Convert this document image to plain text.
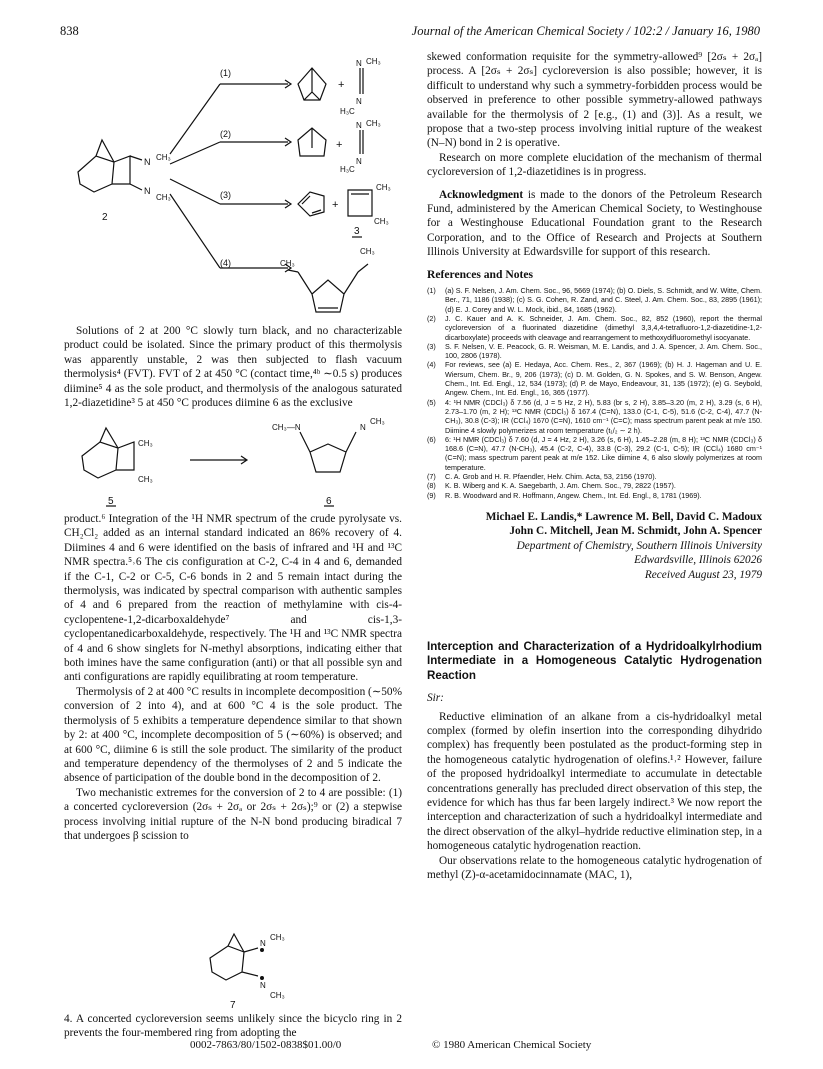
838	Journal of the American Chemical Society / 102:2 / January 16, 1980
N
N
CH₃
CH₃
2
(1)
(2)
(3)
(4)
+
N
N
CH₃
H₃C
+
N
N
CH₃
H₃C
+
CH₃
CH₃
3
CH₃
CH₃

Solutions of 2 at 200 °C slowly turn black, and no characterizable product could be isolated. Since the primary product of this thermolysis was apparently unstable, 2 was then subjected to flash vacuum thermolysis⁴ (FVT). FVT of 2 at 450 °C (contact time,⁴ᵇ ∼0.5 s) produces diimine⁵ 4 as the sole product, and thermolysis of the analogous saturated 1,2-diazetidine³ 5 at 450 °C produces diimine 6 as the exclusive

CH₃
CH₃
5
CH₃—N	N
CH₃
6

product.⁶ Integration of the ¹H NMR spectrum of the crude pyrolysate vs. CH₂Cl₂ added as an internal standard indicated an 86% recovery of 4. Diimines 4 and 6 were identified on the basis of infrared and ¹H and ¹³C NMR spectra.⁵˒6 The cis configuration at C-2, C-4 in 4 and 6, demanded if the C-1, C-2 or C-5, C-6 bonds in 2 and 5 remain intact during the thermolysis, was indicated by spectral comparison with authentic samples of 4 and 6 prepared from the reaction of methylamine with cis-4-cyclopentene-1,2-dicarboxaldehyde⁷ and cis-1,3-cyclopentanedicarboxaldehyde, respectively. The ¹H and ¹³C NMR spectra of 4 and 6 show singlets for N-methyl absorptions, indicating either that both imines have the same configuration (anti) or that all possible syn and anti configurations are rapidly equilibrating at room temperature.

Thermolysis of 2 at 400 °C results in incomplete decomposition (∼50% conversion of 2 into 4), and at 600 °C 4 is the sole product. The thermolysis of 5 exhibits a temperature dependence similar to that shown by 2: at 400 °C, incomplete decomposition of 5 (∼60%) is observed; and at 600 °C, diimine 6 is still the sole product. The similarity of the product and temperature dependency of the thermolyses of 2 and 5 indicate the absence of participation of the double bond in the decomposition of 2.

Two mechanistic extremes for the conversion of 2 to 4 are possible: (1) a concerted cycloreversion (2σₛ + 2σₐ or 2σₛ + 2σₛ);⁹ or (2) a stepwise process involving initial rupture of the N-N bond producing biradical 7 that undergoes β scission to

N
N
CH₃
CH₃
7

4. A concerted cycloreversion seems unlikely since the bicyclo ring in 2 prevents the four-membered ring from adopting the

skewed conformation requisite for the symmetry-allowed⁹ [2σₛ + 2σₐ] process. A [2σₛ + 2σₛ] cycloreversion is also possible; however, it is difficult to understand why such a symmetry-forbidden process would be observed in preference to other possible symmetry-allowed pathways available for the thermolysis of 2 [e.g., (1) and (3)]. As a result, we propose that a two-step process involving initial rupture of the weakest (N–N) bond in 2 is operative.

Research on more complete elucidation of the mechanism of thermal cycloreversion of 1,2-diazetidines is in progress.

Acknowledgment is made to the donors of the Petroleum Research Fund, administered by the American Chemical Society, to Westinghouse for a Westinghouse Educational Foundation grant to the Research Corporation, and to the Office of Research and Projects at Southern Illinois University at Edwardsville for support of this research.

References and Notes
(1)	(a) S. F. Nelsen, J. Am. Chem. Soc., 96, 5669 (1974); (b) O. Diels, S. Schmidt, and W. Witte, Chem. Ber., 71, 1186 (1938); (c) S. G. Cohen, R. Zand, and C. Steel, J. Am. Chem. Soc., 83, 2895 (1961); (d) E. J. Corey and W. L. Mock, ibid., 84, 1685 (1962).
(2)	J. C. Kauer and A. K. Schneider, J. Am. Chem. Soc., 82, 852 (1960), report the thermal cycloreversion of a fluorinated diazetidine (dimethyl 3,3,4,4-tetrafluoro-1,2-diazetidine-1,2-dicarboxylate) proceeds with cleavage and rearrangement to methoxydifluoromethyl isocyanate.
(3)	S. F. Nelsen, V. E. Peacock, G. R. Weisman, M. E. Landis, and J. A. Spencer, J. Am. Chem. Soc., 100, 2806 (1978).
(4)	For reviews, see (a) E. Hedaya, Acc. Chem. Res., 2, 367 (1969); (b) H. J. Hageman and U. E. Wiersum, Chem. Br., 9, 206 (1973); (c) D. M. Golden, G. N. Spokes, and S. W. Benson, Angew. Chem., Int. Ed. Engl., 12, 534 (1973); (d) P. de Mayo, Endeavour, 31, 135 (1972); (e) G. Seybold, Angew. Chem., Int. Ed. Engl., 16, 365 (1977).
(5)	4: ¹H NMR (CDCl₃) δ 7.56 (d, J = 5 Hz, 2 H), 5.83 (br s, 2 H), 3.85–3.20 (m, 2 H), 3.29 (s, 6 H), 2.73–1.70 (m, 2 H); ¹³C NMR (CDCl₃) δ 167.4 (C=N), 133.0 (C-1, C-5), 51.6 (C-2, C-4), 47.7 (N-CH₃), 30.8 (C-3); IR (CCl₄) 1670 (C=N), 1610 cm⁻¹ (C=C); mass spectrum parent peak at m/e 150. Diimine 4 slowly polymerizes at room temperature (t₁/₂ ∼ 2 h).
(6)	6: ¹H NMR (CDCl₃) δ 7.60 (d, J = 4 Hz, 2 H), 3.26 (s, 6 H), 1.45–2.28 (m, 8 H); ¹³C NMR (CDCl₃) δ 168.6 (C=N), 47.7 (N-CH₃), 45.4 (C-2, C-4), 33.8 (C-3), 29.2 (C-1, C-5); IR (CCl₄) 1680 cm⁻¹ (C=N); mass spectrum parent peak at m/e 152. Like diimine 4, 6 also slowly polymerizes at room temperature.
(7)	C. A. Grob and H. R. Pfaendler, Helv. Chim. Acta, 53, 2156 (1970).
(8)	K. B. Wiberg and K. A. Saegebarth, J. Am. Chem. Soc., 79, 2822 (1957).
(9)	R. B. Woodward and R. Hoffmann, Angew. Chem., Int. Ed. Engl., 8, 1781 (1969).
Michael E. Landis,* Lawrence M. Bell, David C. Madoux
John C. Mitchell, Jean M. Schmidt, John A. Spencer
Department of Chemistry, Southern Illinois University
Edwardsville, Illinois 62026
Received August 23, 1979
Interception and Characterization of a Hydridoalkylrhodium Intermediate in a Homogeneous Catalytic Hydrogenation Reaction

Sir:

Reductive elimination of an alkane from a cis-hydridoalkyl metal complex (formed by olefin insertion into the corresponding dihydrido complex) has frequently been postulated as the product-forming step in the homogeneous catalytic hydrogenation of olefins.¹˒² However, failure of the proposed hydridoalkyl intermediate to accumulate in detectable concentrations generally has precluded direct observation of this step, the evidence for which has thus far been largely indirect.³ We now report the interception and characterization of such a hydridoalkyl intermediate and the direct observation of the alkyl–hydride reductive elimination step, in a homogeneous catalytic hydrogenation reaction.

Our observations relate to the homogeneous catalytic hydrogenation of methyl (Z)-α-acetamidocinnamate (MAC, 1),

0002-7863/80/1502-0838$01.00/0	© 1980 American Chemical Society
